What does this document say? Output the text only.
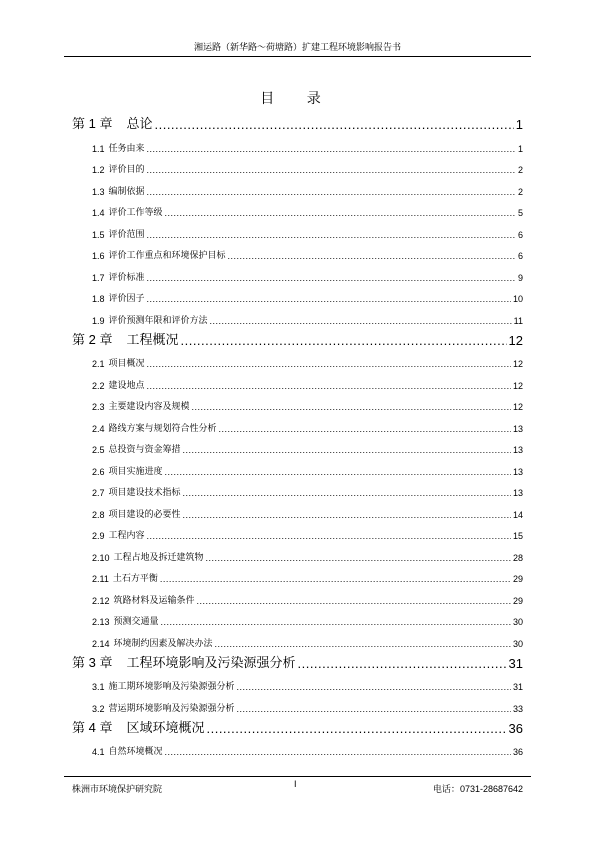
湘运路（新华路～荷塘路）扩建工程环境影响报告书
目 录
第 1 章 总论 .....	1
1.1 任务由来 .....	1
1.2 评价目的 .....	2
1.3 编制依据 .....	2
1.4 评价工作等级 .....	5
1.5 评价范围 .....	6
1.6 评价工作重点和环境保护目标 .....	6
1.7 评价标准 .....	9
1.8 评价因子 .....	10
1.9 评价预测年限和评价方法 .....	11
第 2 章 工程概况 .....	12
2.1 项目概况 .....	12
2.2 建设地点 .....	12
2.3 主要建设内容及规模 .....	12
2.4 路线方案与规划符合性分析 .....	13
2.5 总投资与资金筹措 .....	13
2.6 项目实施进度 .....	13
2.7 项目建设技术指标 .....	13
2.8 项目建设的必要性 .....	14
2.9 工程内容 .....	15
2.10 工程占地及拆迁建筑物 .....	28
2.11 土石方平衡 .....	29
2.12 筑路材料及运输条件 .....	29
2.13 预测交通量 .....	30
2.14 环境制约因素及解决办法 .....	30
第 3 章 工程环境影响及污染源强分析 .....	31
3.1 施工期环境影响及污染源强分析 .....	31
3.2 营运期环境影响及污染源强分析 .....	33
第 4 章 区域环境概况 .....	36
4.1 自然环境概况 .....	36
株洲市环境保护研究院
I
电话：0731-28687642
